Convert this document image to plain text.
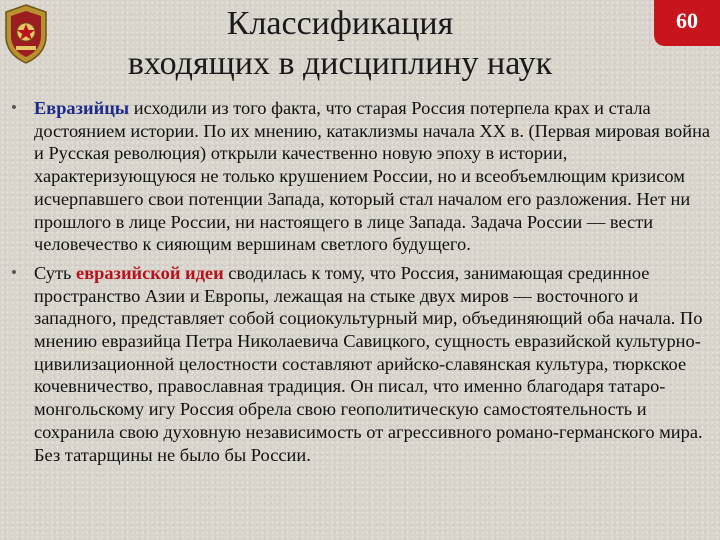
Классификация
входящих в дисциплину наук
60
• Евразийцы исходили из того факта, что старая Россия потерпела крах и стала достоянием истории. По их мнению, катаклизмы начала XX в. (Первая мировая война и Русская революция) открыли качественно новую эпоху в истории, характеризующуюся не только крушением России, но и всеобъемлющим кризисом исчерпавшего свои потенции Запада, который стал началом его разложения. Нет ни прошлого в лице России, ни настоящего в лице Запада. Задача России — вести человечество к сияющим вершинам светлого будущего.
• Суть евразийской идеи сводилась к тому, что Россия, занимающая срединное пространство Азии и Европы, лежащая на стыке двух миров — восточного и западного, представляет собой социокультурный мир, объединяющий оба начала. По мнению евразийца Петра Николаевича Савицкого, сущность евразийской культурно-цивилизационной целостности составляют арийско-славянская культура, тюркское кочевничество, православная традиция. Он писал, что именно благодаря татаро-монгольскому игу Россия обрела свою геополитическую самостоятельность и сохранила свою духовную независимость от агрессивного романо-германского мира. Без татарщины не было бы России.
